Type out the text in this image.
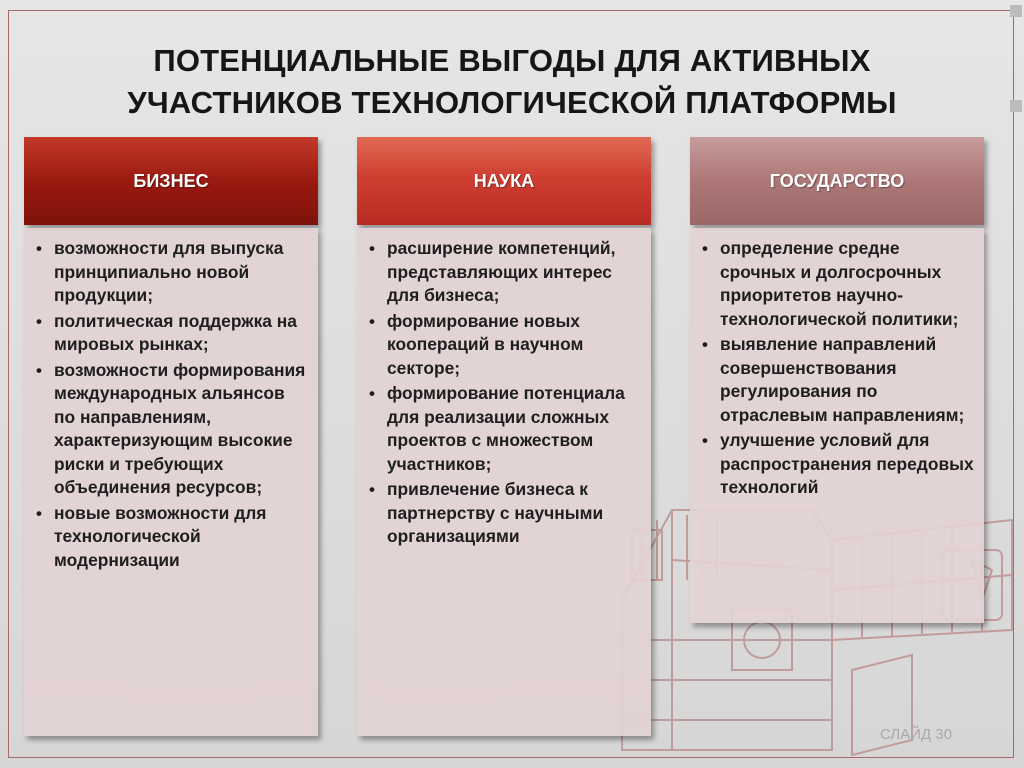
ПОТЕНЦИАЛЬНЫЕ ВЫГОДЫ ДЛЯ АКТИВНЫХ
УЧАСТНИКОВ ТЕХНОЛОГИЧЕСКОЙ ПЛАТФОРМЫ
БИЗНЕС
• возможности для выпуска принципиально новой продукции;
• политическая поддержка на мировых рынках;
• возможности формирования международных альянсов по направлениям, характеризующим высокие риски и требующих объединения ресурсов;
• новые возможности для технологической модернизации
НАУКА
• расширение компетенций, представляющих интерес для бизнеса;
• формирование новых коопераций в научном секторе;
• формирование потенциала для реализации сложных проектов с множеством участников;
• привлечение бизнеса к партнерству с научными организациями
ГОСУДАРСТВО
• определение средне срочных и долгосрочных приоритетов научно-технологической политики;
• выявление направлений совершенствования регулирования по отраслевым направлениям;
• улучшение условий для распространения передовых технологий
СЛАЙД 30
